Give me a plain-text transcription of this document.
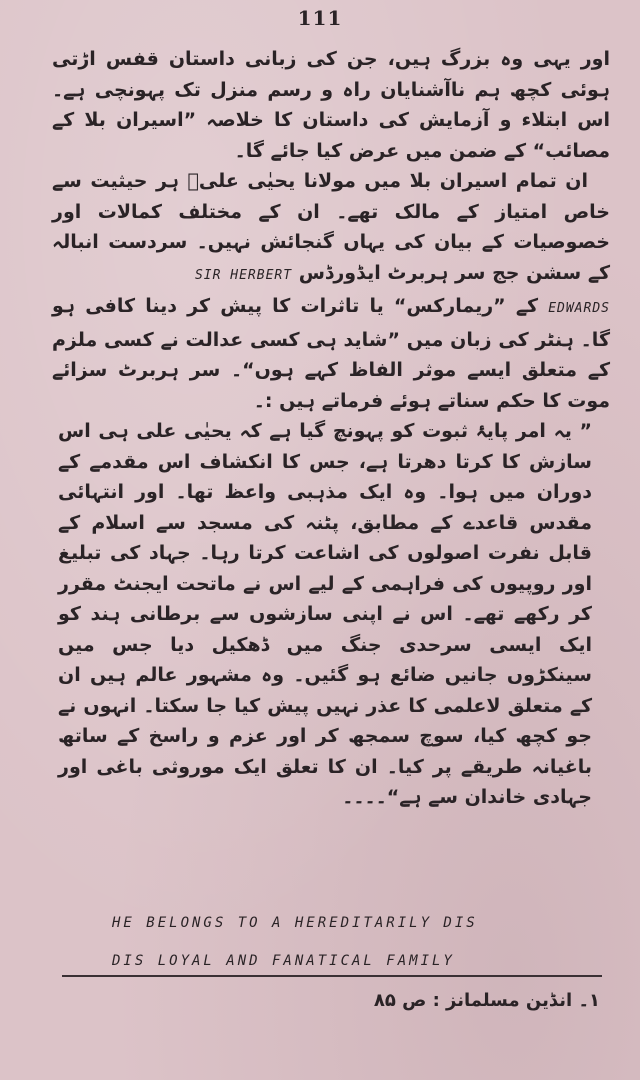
111

اور یہی وہ بزرگ ہیں، جن کی زبانی داستان قفس اڑتی ہوئی کچھ ہم ناآشنایان راہ و رسم منزل تک پہونچی ہے۔ اس ابتلاء و آزمایش کی داستان کا خلاصہ ”اسیران بلا کے مصائب“ کے ضمن میں عرض کیا جائے گا۔

ان تمام اسیران بلا میں مولانا یحیٰی علیؒ ہر حیثیت سے خاص امتیاز کے مالک تھے۔ ان کے مختلف کمالات اور خصوصیات کے بیان کی یہاں گنجائش نہیں۔ سردست انبالہ کے سشن جج سر ہربرٹ ایڈورڈس SIR HERBERT

EDWARDS کے ”ریمارکس“ یا تاثرات کا پیش کر دینا کافی ہو گا۔ ہنٹر کی زبان میں ”شاید ہی کسی عدالت نے کسی ملزم کے متعلق ایسے موثر الفاظ کہے ہوں“۔ سر ہربرٹ سزائے موت کا حکم سناتے ہوئے فرماتے ہیں :۔

” یہ امر پایۂ ثبوت کو پہونچ گیا ہے کہ یحیٰی علی ہی اس سازش کا کرتا دھرتا ہے، جس کا انکشاف اس مقدمے کے دوران میں ہوا۔ وہ ایک مذہبی واعظ تھا۔ اور انتہائی مقدس قاعدے کے مطابق، پٹنہ کی مسجد سے اسلام کے قابل نفرت اصولوں کی اشاعت کرتا رہا۔ جہاد کی تبلیغ اور روپیوں کی فراہمی کے لیے اس نے ماتحت ایجنٹ مقرر کر رکھے تھے۔ اس نے اپنی سازشوں سے برطانی ہند کو ایک ایسی سرحدی جنگ میں ڈھکیل دیا جس میں سینکڑوں جانیں ضائع ہو گئیں۔ وہ مشہور عالم ہیں ان کے متعلق لاعلمی کا عذر نہیں پیش کیا جا سکتا۔ انہوں نے جو کچھ کیا، سوچ سمجھ کر اور عزم و راسخ کے ساتھ باغیانہ طریقے پر کیا۔ ان کا تعلق ایک موروثی باغی اور جہادی خاندان سے ہے“۔۔۔۔

HE BELONGS TO A HEREDITARILY DIS
DIS LOYAL AND FANATICAL FAMILY
۱۔ انڈین مسلمانز : ص ۸۵
